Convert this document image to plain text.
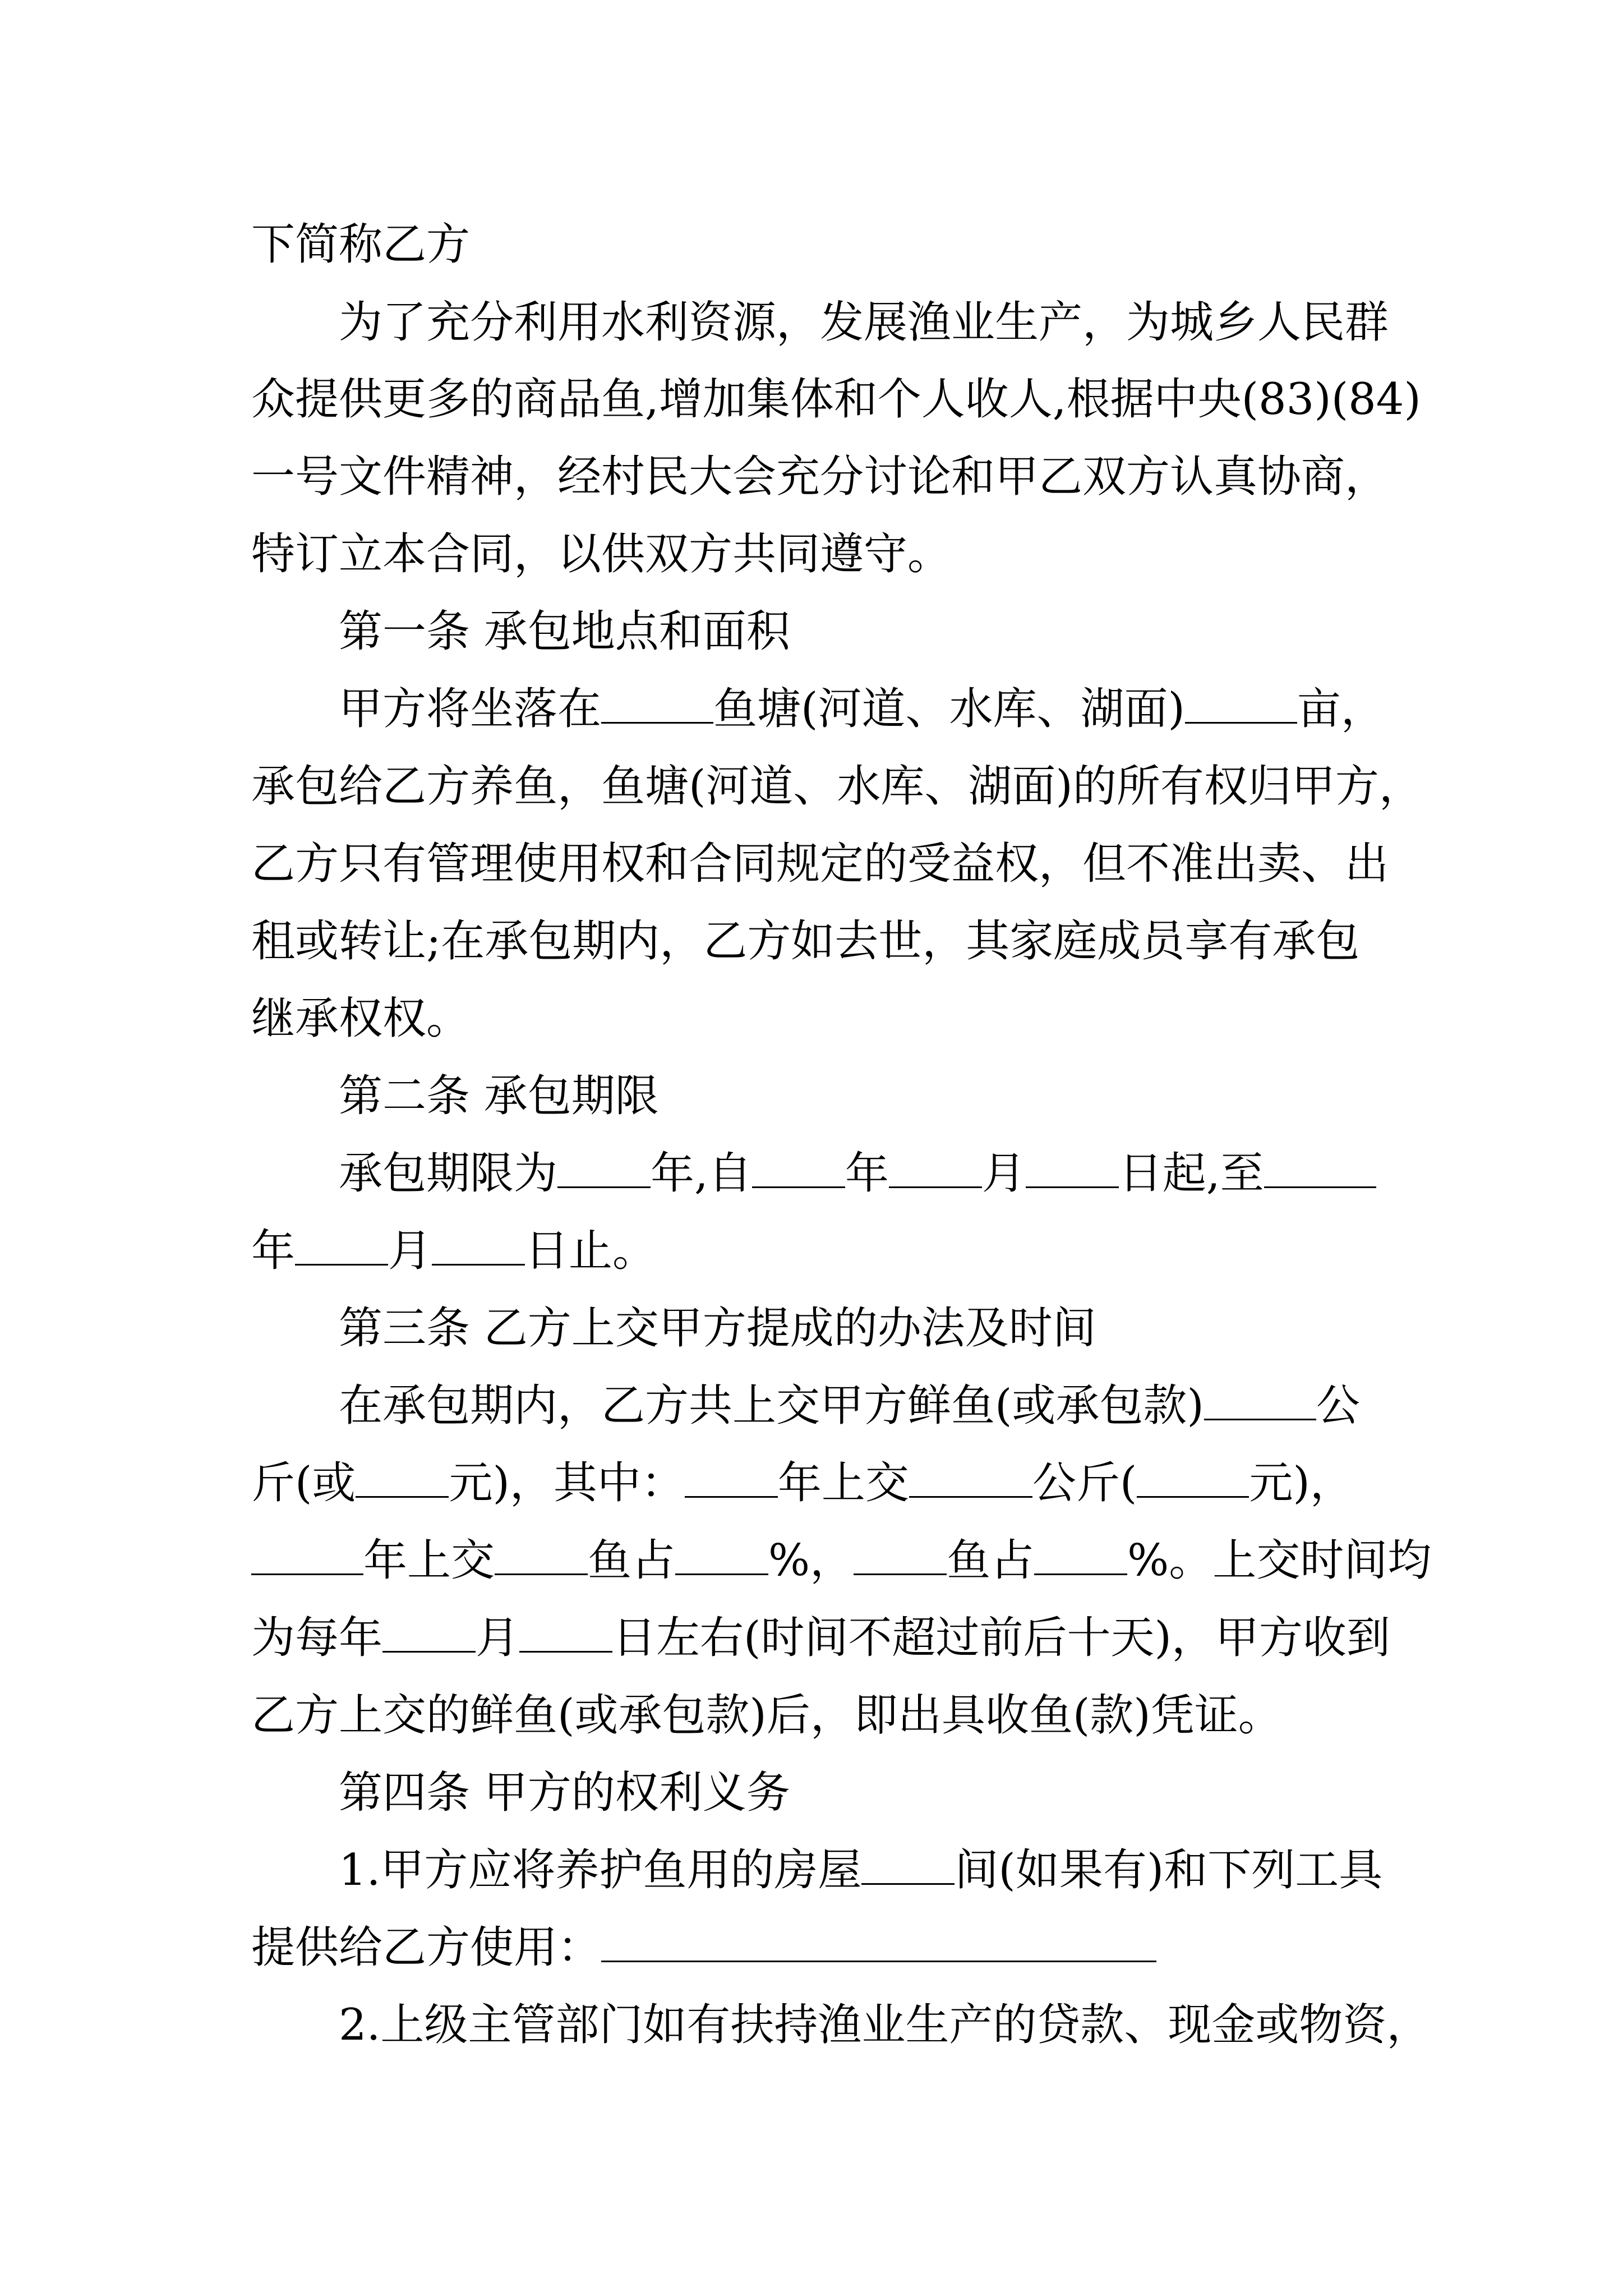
下简称乙方
为了充分利用水利资源，发展渔业生产，为城乡人民群
众提供更多的商品鱼,增加集体和个人收人,根据中央(83)(84)
一号文件精神，经村民大会充分讨论和甲乙双方认真协商，
特订立本合同，以供双方共同遵守。
第一条 承包地点和面积
甲方将坐落在	鱼塘(河道、水库、湖面)	亩，
承包给乙方养鱼，鱼塘(河道、水库、湖面)的所有权归甲方，
乙方只有管理使用权和合同规定的受益权，但不准出卖、出
租或转让;在承包期内，乙方如去世，其家庭成员享有承包
继承权权。
第二条 承包期限
承包期限为 年,自 年 月 日起,至
年 月 日止。
第三条 乙方上交甲方提成的办法及时间
在承包期内，乙方共上交甲方鲜鱼(或承包款)	公
斤(或 元)，其中： 年上交	公斤(	元)，
年上交 鱼占 %， 鱼占 %。上交时间均
为每年 月 日左右(时间不超过前后十天)，甲方收到
乙方上交的鲜鱼(或承包款)后，即出具收鱼(款)凭证。
第四条 甲方的权利义务
1.甲方应将养护鱼用的房屋 间(如果有)和下列工具
提供给乙方使用：
2.上级主管部门如有扶持渔业生产的贷款、现金或物资，
